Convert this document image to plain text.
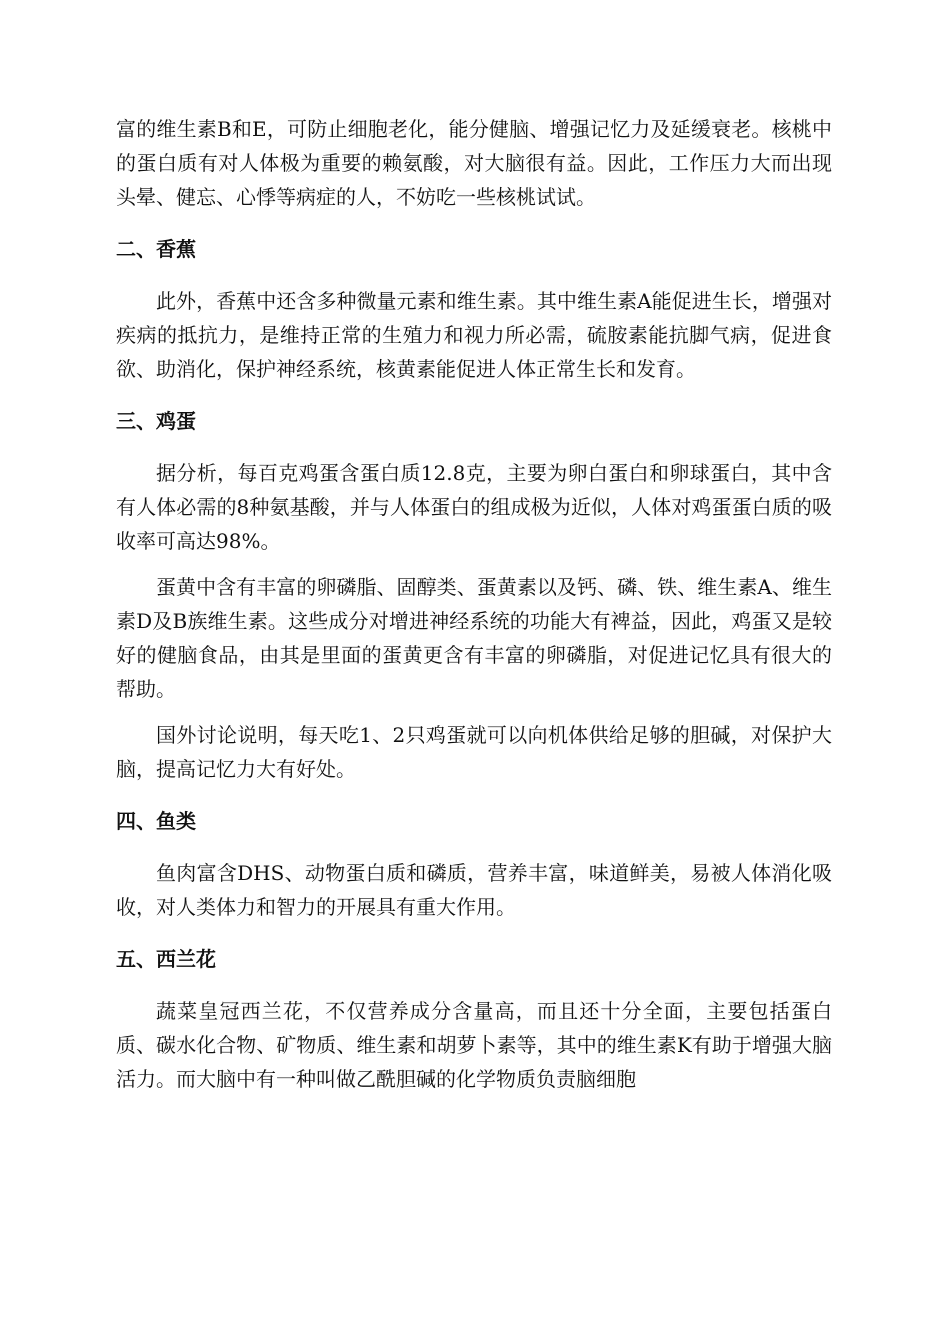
富的维生素B和E，可防止细胞老化，能分健脑、增强记忆力及延缓衰老。核桃中的蛋白质有对人体极为重要的赖氨酸，对大脑很有益。因此，工作压力大而出现头晕、健忘、心悸等病症的人，不妨吃一些核桃试试。

二、香蕉

此外，香蕉中还含多种微量元素和维生素。其中维生素A能促进生长，增强对疾病的抵抗力，是维持正常的生殖力和视力所必需，硫胺素能抗脚气病，促进食欲、助消化，保护神经系统，核黄素能促进人体正常生长和发育。

三、鸡蛋

据分析，每百克鸡蛋含蛋白质12.8克，主要为卵白蛋白和卵球蛋白，其中含有人体必需的8种氨基酸，并与人体蛋白的组成极为近似，人体对鸡蛋蛋白质的吸收率可高达98%。

蛋黄中含有丰富的卵磷脂、固醇类、蛋黄素以及钙、磷、铁、维生素A、维生素D及B族维生素。这些成分对增进神经系统的功能大有裨益，因此，鸡蛋又是较好的健脑食品，由其是里面的蛋黄更含有丰富的卵磷脂，对促进记忆具有很大的帮助。

国外讨论说明，每天吃1、2只鸡蛋就可以向机体供给足够的胆碱，对保护大脑，提高记忆力大有好处。

四、鱼类

鱼肉富含DHS、动物蛋白质和磷质，营养丰富，味道鲜美，易被人体消化吸收，对人类体力和智力的开展具有重大作用。

五、西兰花

蔬菜皇冠西兰花，不仅营养成分含量高，而且还十分全面，主要包括蛋白质、碳水化合物、矿物质、维生素和胡萝卜素等，其中的维生素K有助于增强大脑活力。而大脑中有一种叫做乙酰胆碱的化学物质负责脑细胞
